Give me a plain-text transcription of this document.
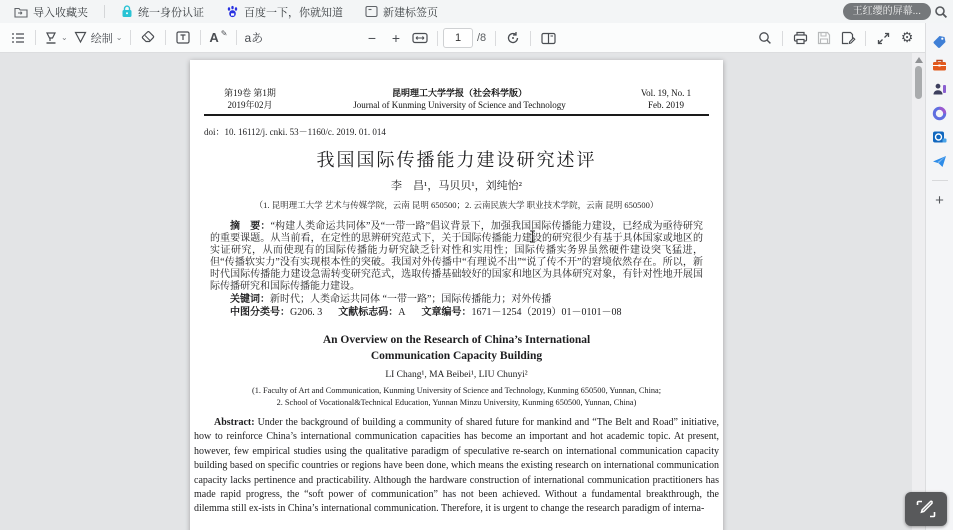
导入收藏夹	统一身份认证	百度一下，你就知道	新建标签页	王红缨的屏幕...
⌄ 绘制 ⌄	A ✎ aあ	− +
1	/8	⚙
第19卷 第1期
2019年02月
昆明理工大学学报（社会科学版）
Journal of Kunming University of Science and Technology
Vol. 19, No. 1
Feb. 2019
doi：10. 16112/j. cnki. 53－1160/c. 2019. 01. 014
我国国际传播能力建设研究述评
李　昌¹，马贝贝¹，刘纯怡²
（1. 昆明理工大学 艺术与传媒学院，云南 昆明 650500；2. 云南民族大学 职业技术学院，云南 昆明 650500）
摘　要：“构建人类命运共同体”及“一带一路”倡议背景下，加强我国国际传播能力建设，已经成为亟待研究的重要课题。从当前看，在定性的思辨研究范式下，关于国际传播能力建设的研究很少有基于具体国家或地区的实证研究，从而使现有的国际传播能力研究缺乏针对性和实用性；国际传播实务界虽然硬件建设突飞猛进，但“传播软实力”没有实现根本性的突破。我国对外传播中“有理说不出”“说了传不开”的窘境依然存在。所以，新时代国际传播能力建设急需转变研究范式，选取传播基础较好的国家和地区为具体研究对象，有针对性地开展国际传播研究和国际传播能力建设。
关键词：新时代；人类命运共同体 “一带一路”；国际传播能力；对外传播
中图分类号：G206. 3 文献标志码：A 文章编号：1671－1254（2019）01－0101－08
An Overview on the Research of China’s International
Communication Capacity Building
LI Chang¹, MA Beibei¹, LIU Chunyi²
(1. Faculty of Art and Communication, Kunming University of Science and Technology, Kunming 650500, Yunnan, China;
2. School of Vocational&Technical Education, Yunnan Minzu University, Kunming 650500, Yunnan, China)
Abstract: Under the background of building a community of shared future for mankind and “The Belt and Road” initiative, how to reinforce China’s international communication capacities has become an important and hot academic topic. At present, however, few empirical studies using the qualitative paradigm of speculative re-search on international communication capacity building based on specific countries or regions have been done, which means the existing research on international communication capacity lacks pertinence and practicability. Although the hardware construction of international communication practitioners has made rapid progress, the “soft power of communication” has not been achieved. Without a fundamental breakthrough, the dilemma still ex-ists in China’s international communication. Therefore, it is urgent to change the research paradigm of interna-
+
